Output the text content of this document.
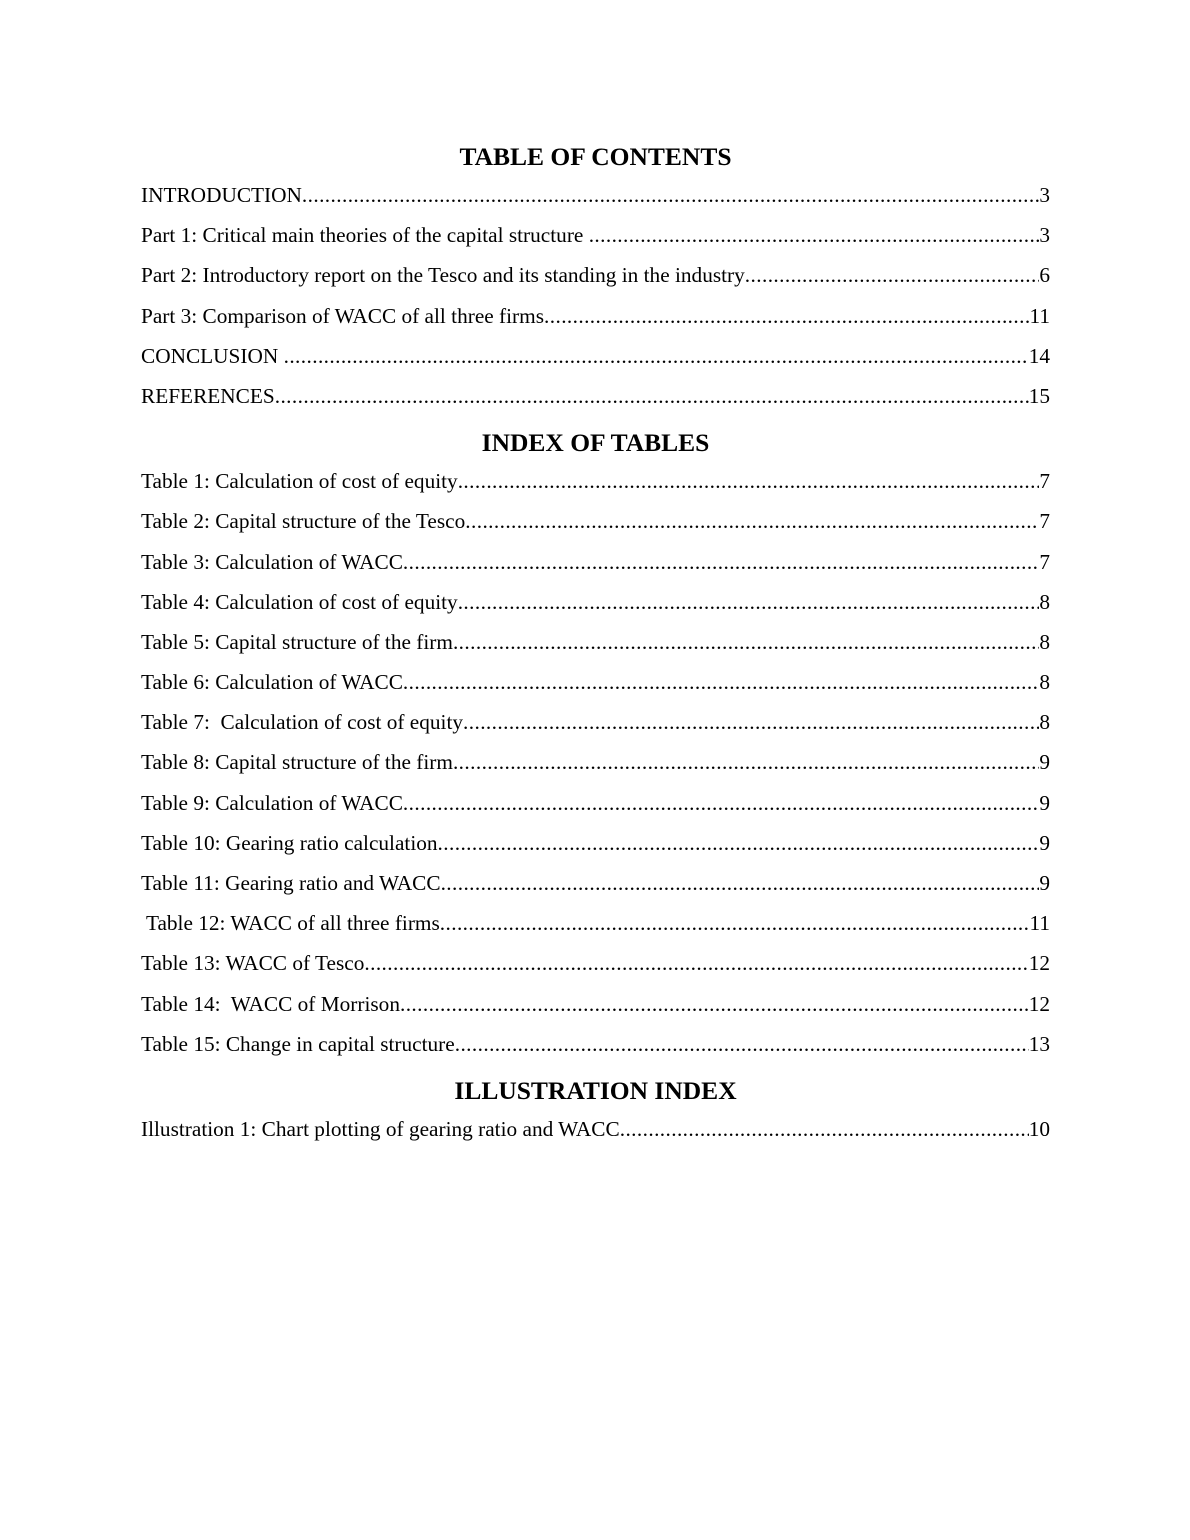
TABLE OF CONTENTS
INTRODUCTION .....	3
Part 1: Critical main theories of the capital structure .....	3
Part 2: Introductory report on the Tesco and its standing in the industry .....	6
Part 3: Comparison of WACC of all three firms .....	11
CONCLUSION .....	14
REFERENCES .....	15
INDEX OF TABLES
Table 1: Calculation of cost of equity .....	7
Table 2: Capital structure of the Tesco .....	7
Table 3: Calculation of WACC .....	7
Table 4: Calculation of cost of equity .....	8
Table 5: Capital structure of the firm .....	8
Table 6: Calculation of WACC .....	8
Table 7:  Calculation of cost of equity .....	8
Table 8: Capital structure of the firm .....	9
Table 9: Calculation of WACC .....	9
Table 10: Gearing ratio calculation .....	9
Table 11: Gearing ratio and WACC .....	9
Table 12: WACC of all three firms .....	11
Table 13: WACC of Tesco .....	12
Table 14:  WACC of Morrison .....	12
Table 15: Change in capital structure .....	13
ILLUSTRATION INDEX
Illustration 1: Chart plotting of gearing ratio and WACC .....	10
